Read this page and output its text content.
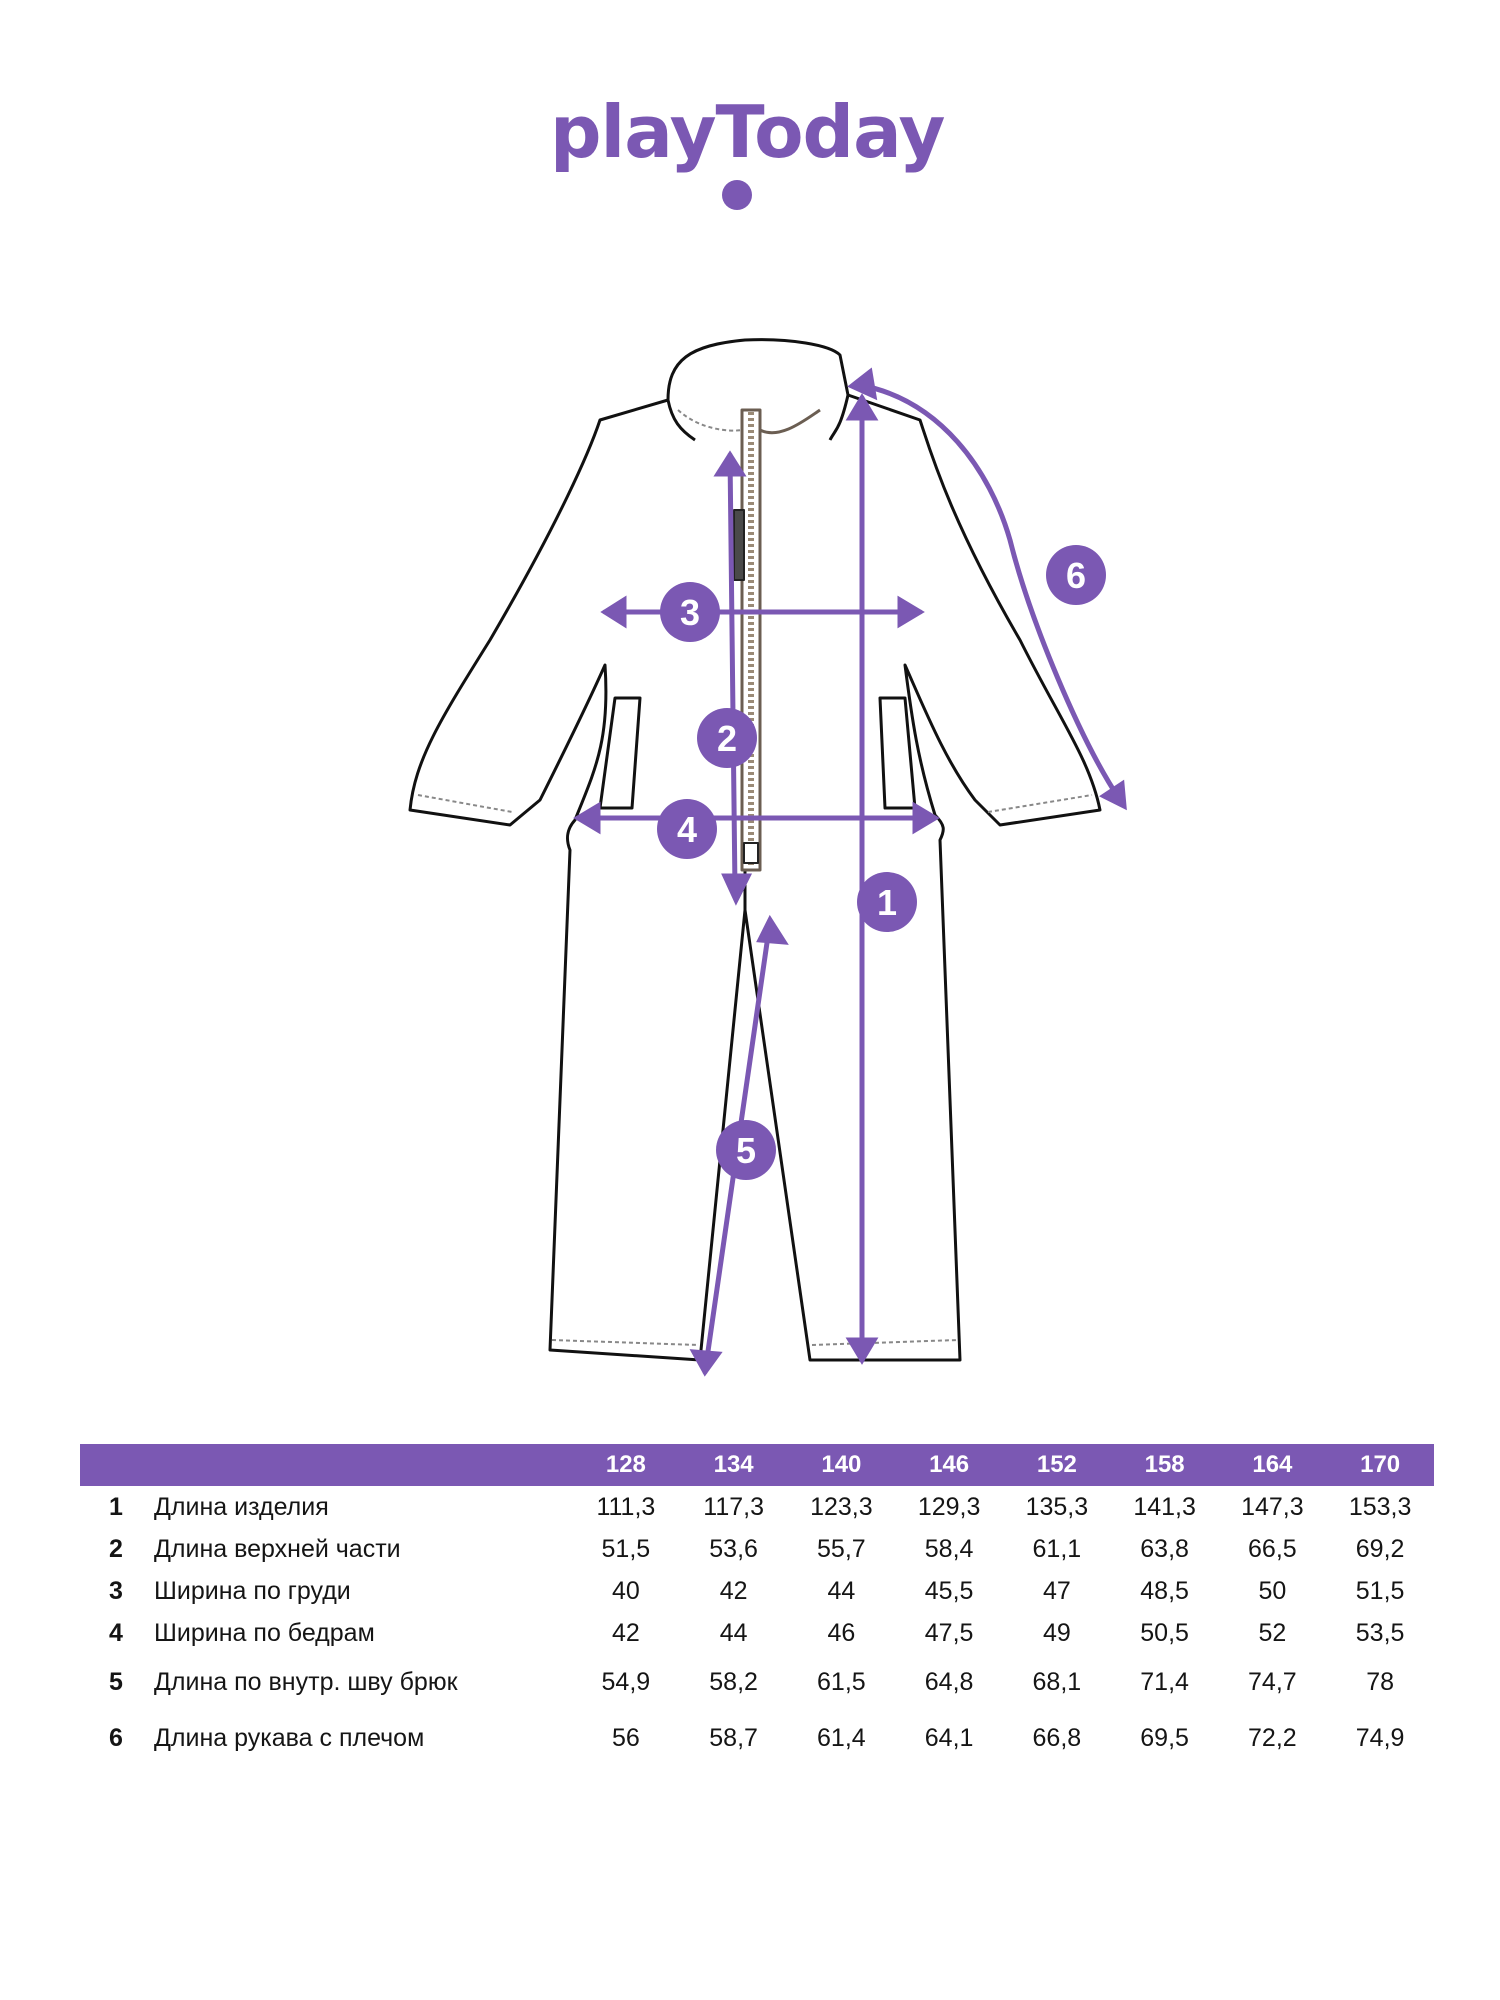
playToday
1
2
3
4
5
6
		128	134	140	146	152	158	164	170
1	Длина изделия	111,3	117,3	123,3	129,3	135,3	141,3	147,3	153,3
2	Длина верхней части	51,5	53,6	55,7	58,4	61,1	63,8	66,5	69,2
3	Ширина по груди	40	42	44	45,5	47	48,5	50	51,5
4	Ширина по бедрам	42	44	46	47,5	49	50,5	52	53,5
5	Длина по внутр. шву брюк	54,9	58,2	61,5	64,8	68,1	71,4	74,7	78
6	Длина рукава с плечом	56	58,7	61,4	64,1	66,8	69,5	72,2	74,9
